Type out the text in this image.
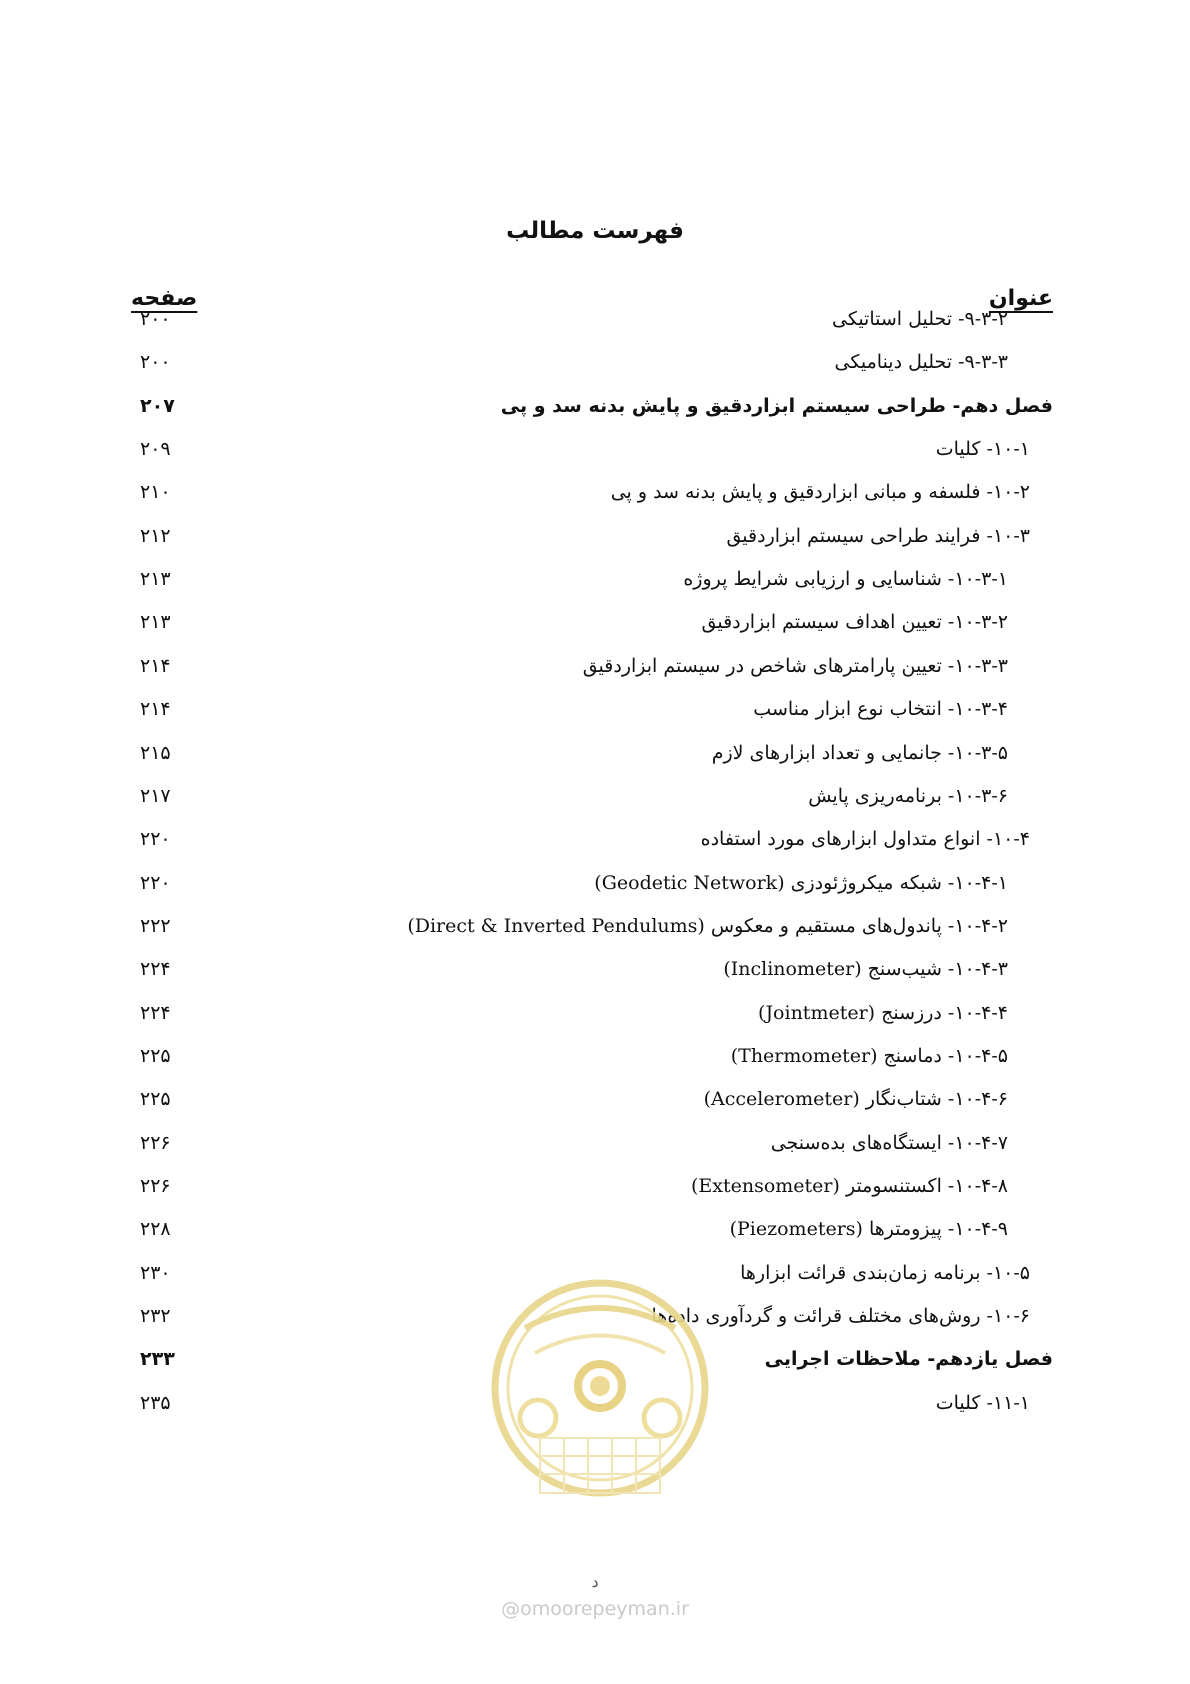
فهرست مطالب
عنوان
صفحه
۹-۳-۲- تحلیل استاتیکی
۲۰۰
۹-۳-۳- تحلیل دینامیکی
۲۰۰
فصل دهم- طراحی سیستم ابزاردقیق و پایش بدنه سد و پی
۲۰۷
۱۰-۱- کلیات
۲۰۹
۱۰-۲- فلسفه و مبانی ابزاردقیق و پایش بدنه سد و پی
۲۱۰
۱۰-۳- فرایند طراحی سیستم ابزاردقیق
۲۱۲
۱۰-۳-۱- شناسایی و ارزیابی شرایط پروژه
۲۱۳
۱۰-۳-۲- تعیین اهداف سیستم ابزاردقیق
۲۱۳
۱۰-۳-۳- تعیین پارامترهای شاخص در سیستم ابزاردقیق
۲۱۴
۱۰-۳-۴- انتخاب نوع ابزار مناسب
۲۱۴
۱۰-۳-۵- جانمایی و تعداد ابزارهای لازم
۲۱۵
۱۰-۳-۶- برنامه‌ریزی پایش
۲۱۷
۱۰-۴- انواع متداول ابزارهای مورد استفاده
۲۲۰
۱۰-۴-۱- شبکه میکروژئودزی (Geodetic Network)
۲۲۰
۱۰-۴-۲- پاندول‌های مستقیم و معکوس (Direct & Inverted Pendulums)
۲۲۲
۱۰-۴-۳- شیب‌سنج (Inclinometer)
۲۲۴
۱۰-۴-۴- درزسنج (Jointmeter)
۲۲۴
۱۰-۴-۵- دماسنج (Thermometer)
۲۲۵
۱۰-۴-۶- شتاب‌نگار (Accelerometer)
۲۲۵
۱۰-۴-۷- ایستگاه‌های بده‌سنجی
۲۲۶
۱۰-۴-۸- اکستنسومتر (Extensometer)
۲۲۶
۱۰-۴-۹- پیزومترها (Piezometers)
۲۲۸
۱۰-۵- برنامه زمان‌بندی قرائت ابزارها
۲۳۰
۱۰-۶- روش‌های مختلف قرائت و گردآوری داده‌ها
۲۳۲
فصل یازدهم- ملاحظات اجرایی
۲۳۳
۱۱-۱- کلیات
۲۳۵
د
@omoorepeyman.ir
